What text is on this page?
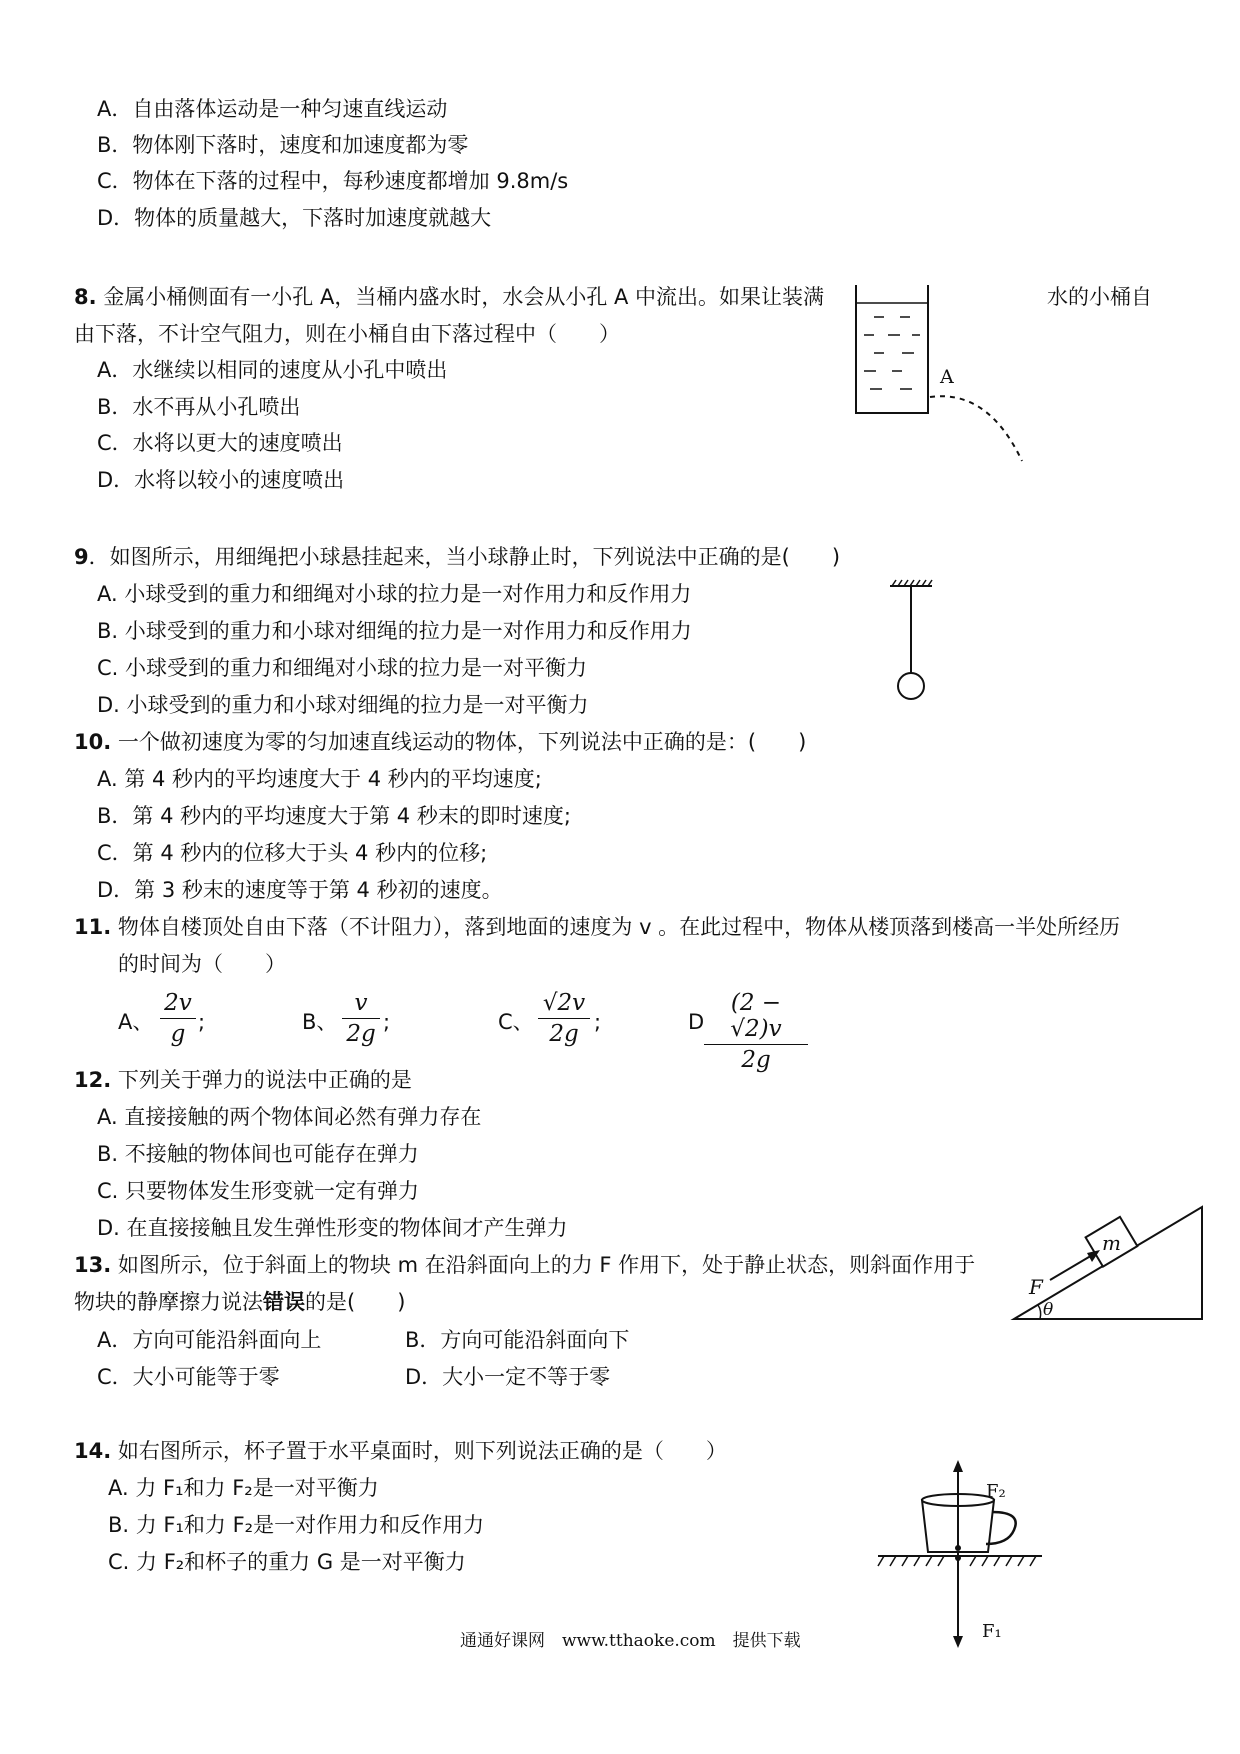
A．自由落体运动是一种匀速直线运动
B．物体刚下落时，速度和加速度都为零
C．物体在下落的过程中，每秒速度都增加 9.8m/s
D．物体的质量越大，下落时加速度就越大
8. 金属小桶侧面有一小孔 A，当桶内盛水时，水会从小孔 A 中流出。如果让装满	水的小桶自
由下落，不计空气阻力，则在小桶自由下落过程中（　　）
A．水继续以相同的速度从小孔中喷出
B．水不再从小孔喷出
C．水将以更大的速度喷出
D．水将以较小的速度喷出
A
9．如图所示，用细绳把小球悬挂起来，当小球静止时，下列说法中正确的是(　　)
A. 小球受到的重力和细绳对小球的拉力是一对作用力和反作用力
B. 小球受到的重力和小球对细绳的拉力是一对作用力和反作用力
C. 小球受到的重力和细绳对小球的拉力是一对平衡力
D. 小球受到的重力和小球对细绳的拉力是一对平衡力
10. 一个做初速度为零的匀加速直线运动的物体，下列说法中正确的是：(　　)
A. 第 4 秒内的平均速度大于 4 秒内的平均速度;
B．第 4 秒内的平均速度大于第 4 秒末的即时速度;
C．第 4 秒内的位移大于头 4 秒内的位移;
D．第 3 秒末的速度等于第 4 秒初的速度。
11. 物体自楼顶处自由下落（不计阻力），落到地面的速度为 v 。在此过程中，物体从楼顶落到楼高一半处所经历
的时间为（　　）
A、 $\frac{2v}{g}$ ;	B、 $\frac{v}{2g}$ ;	C、 $\frac{√2v}{2g}$ ;	D $\frac{(2 - √2)v}{2g}$
12. 下列关于弹力的说法中正确的是
A. 直接接触的两个物体间必然有弹力存在
B. 不接触的物体间也可能存在弹力
C. 只要物体发生形变就一定有弹力
D. 在直接接触且发生弹性形变的物体间才产生弹力
13. 如图所示，位于斜面上的物块 m 在沿斜面向上的力 F 作用下，处于静止状态，则斜面作用于
物块的静摩擦力说法错误的是(　　)
A．方向可能沿斜面向上	B．方向可能沿斜面向下
C．大小可能等于零	D．大小一定不等于零
m
F
θ
14. 如右图所示，杯子置于水平桌面时，则下列说法正确的是（　　）
A. 力 F₁和力 F₂是一对平衡力
B. 力 F₁和力 F₂是一对作用力和反作用力
C. 力 F₂和杯子的重力 G 是一对平衡力
F₂
F₁
通通好课网　www.tthaoke.com　提供下载
